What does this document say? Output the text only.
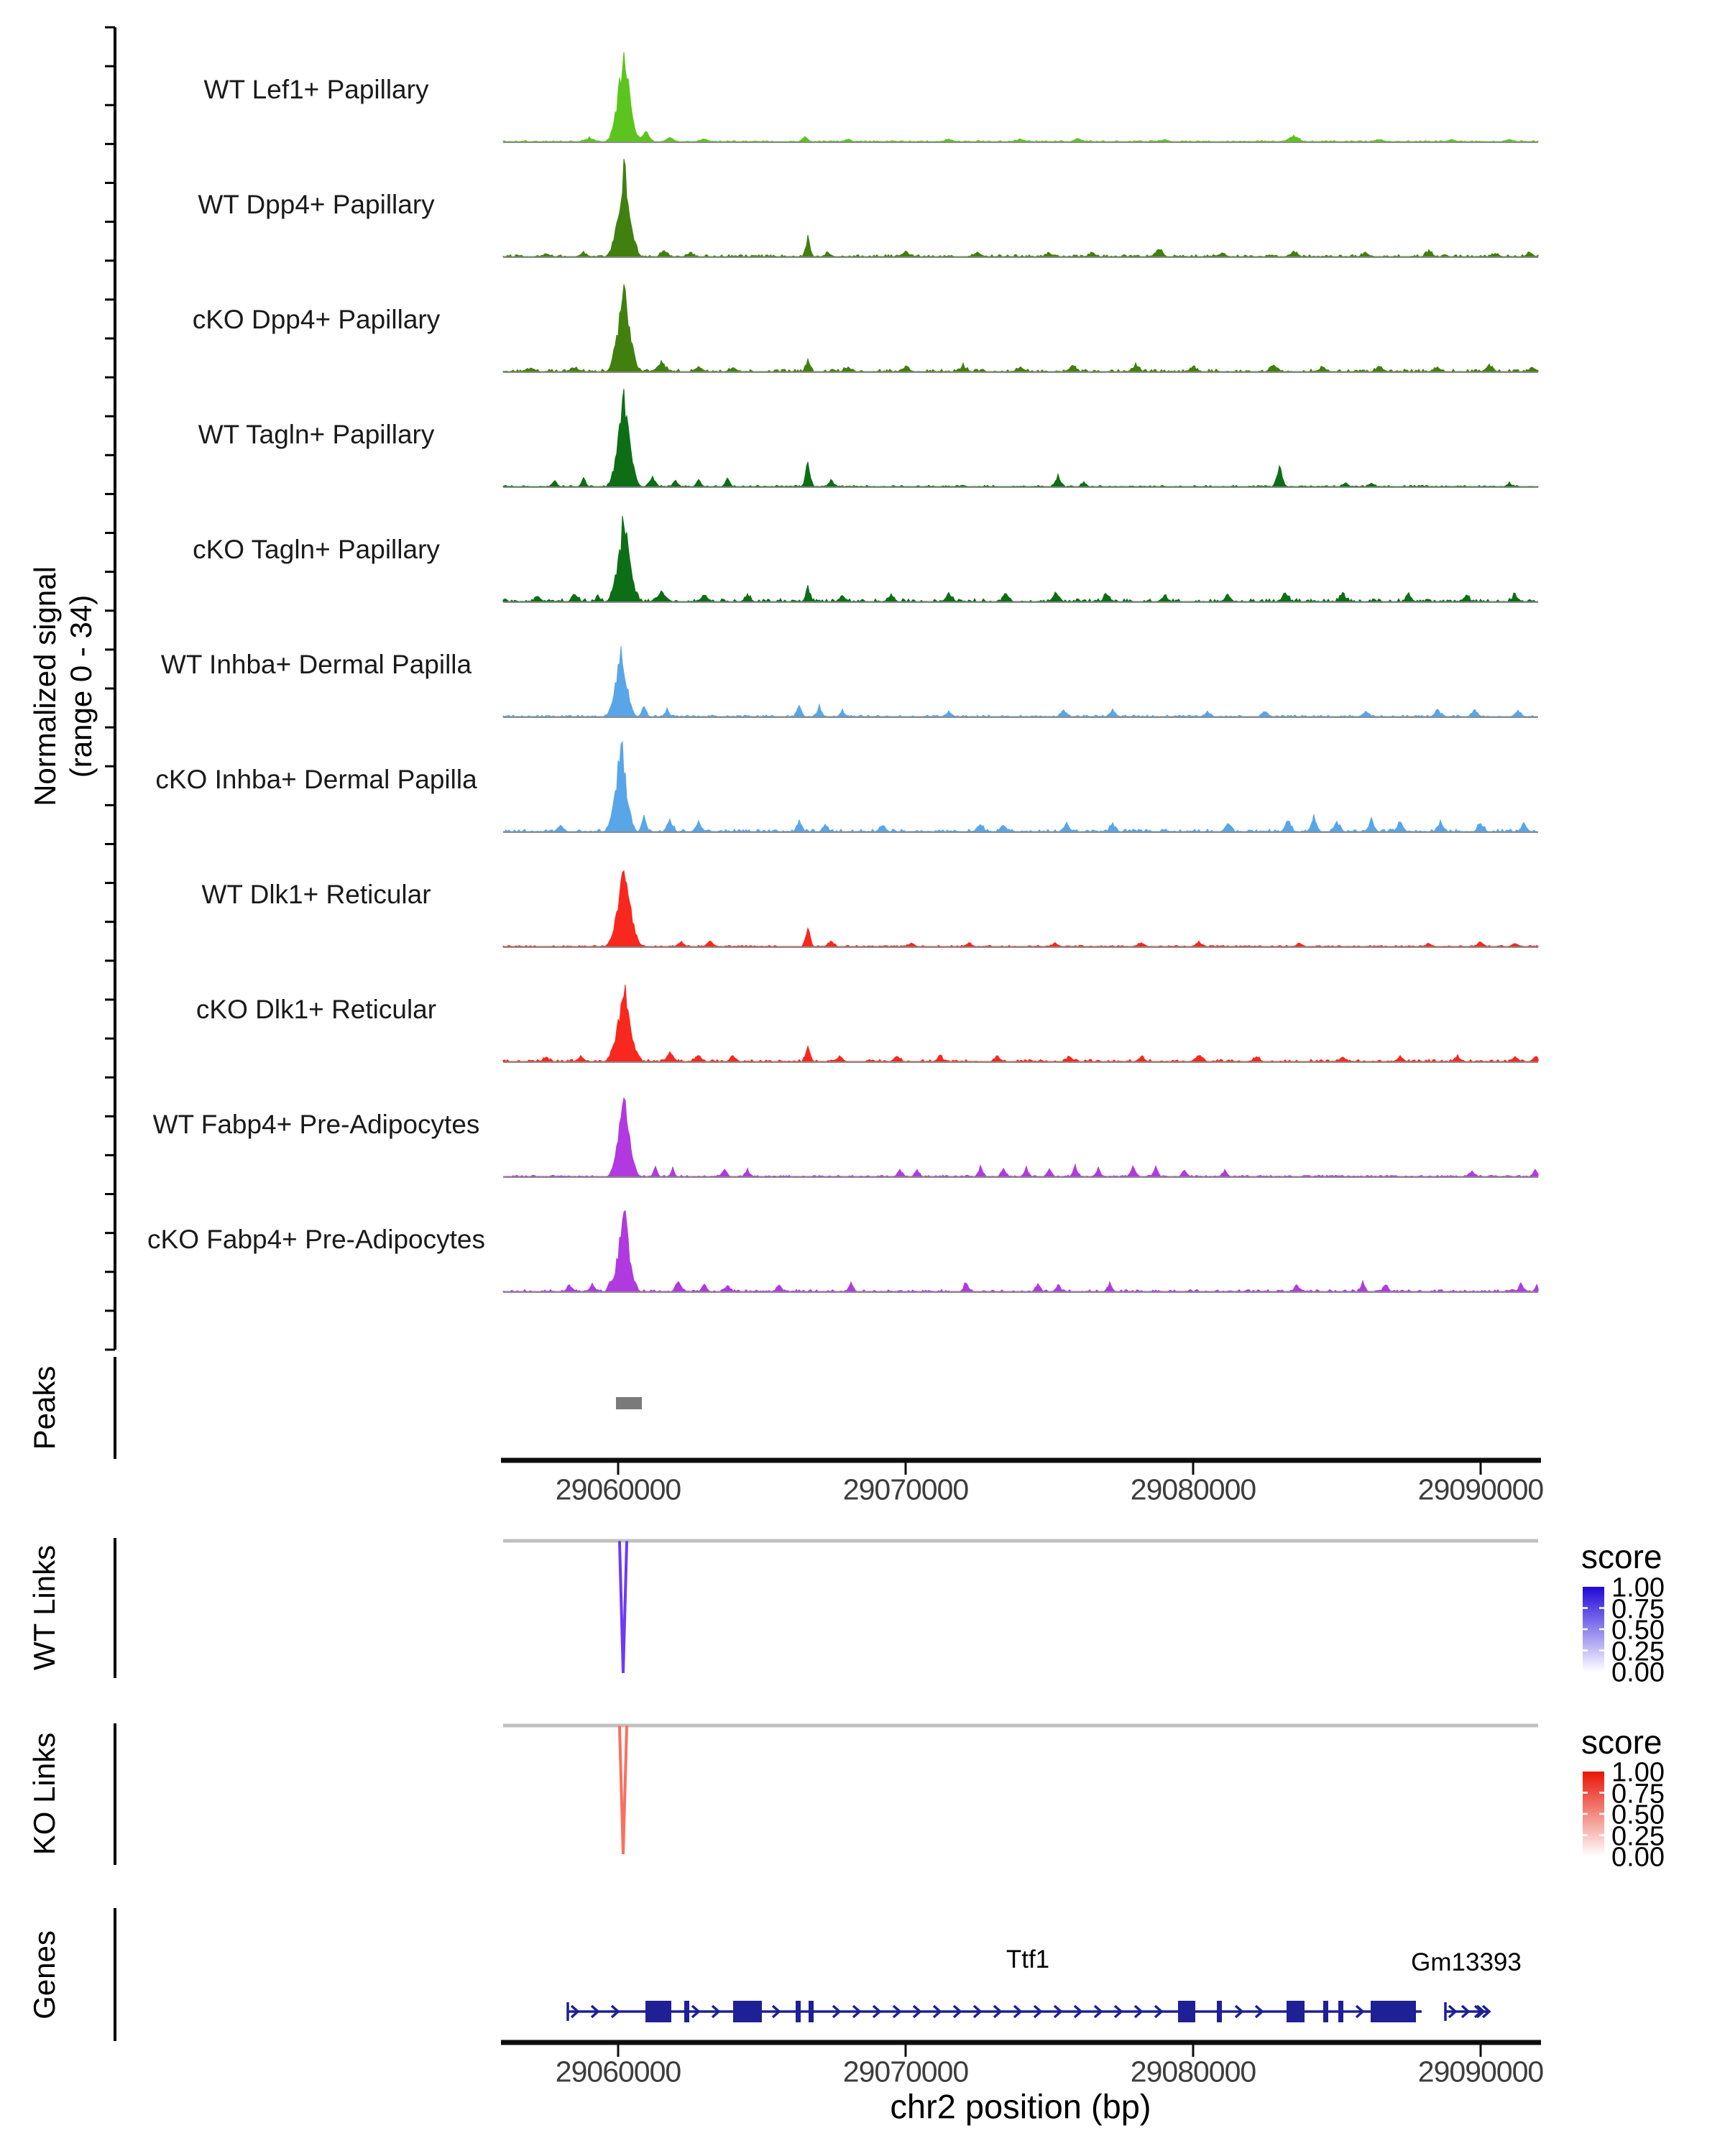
Normalized signal (range 0 - 34)
Peaks
WT Links
KO Links
Genes
chr2 position (bp)
score
score
Ttf1	Gm13393
WT Lef1+ Papillary
WT Dpp4+ Papillary
cKO Dpp4+ Papillary
WT Tagln+ Papillary
cKO Tagln+ Papillary
WT Inhba+ Dermal Papilla
cKO Inhba+ Dermal Papilla
WT Dlk1+ Reticular
cKO Dlk1+ Reticular
WT Fabp4+ Pre-Adipocytes
cKO Fabp4+ Pre-Adipocytes
29060000	29070000	29080000	29090000
29060000	29070000	29080000	29090000
1.00
0.75
0.50
0.25
0.00
1.00
0.75
0.50
0.25
0.00
